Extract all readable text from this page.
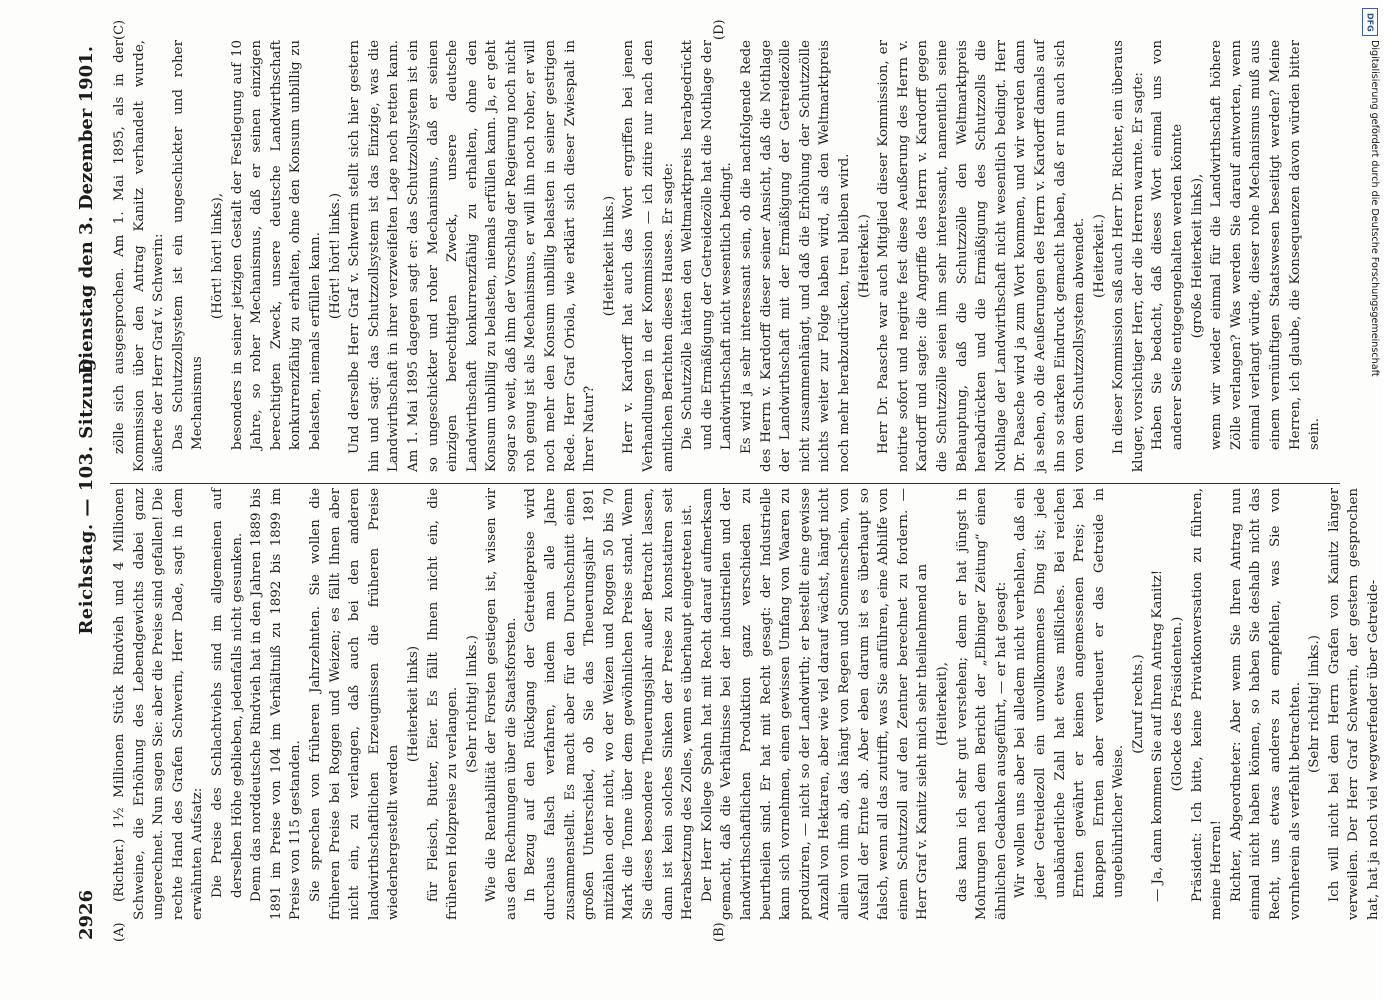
2926
Reichstag. — 103. Sitzung.
Dienstag den 3. Dezember 1901.
(A)	(B)
(C)	(D)

(Richter.) 1½ Millionen Stück Rindvieh und 4 Millionen Schweine, die Erhöhung des Lebendgewichts dabei ganz ungerechnet. Nun sagen Sie: aber die Preise sind gefallen! Die rechte Hand des Grafen Schwerin, Herr Dade, sagt in dem erwähnten Aufsatz: Die Preise des Schlachtviehs sind im allgemeinen auf derselben Höhe geblieben, jedenfalls nicht gesunken. Denn das norddeutsche Rindvieh hat in den Jahren 1889 bis 1891 im Preise von 104 im Verhältniß zu 1892 bis 1899 im Preise von 115 gestanden. Sie sprechen von früheren Jahrzehnten. Sie wollen die früheren Preise bei Roggen und Weizen; es fällt Ihnen aber nicht ein, zu verlangen, daß auch bei den anderen landwirthschaftlichen Erzeugnissen die früheren Preise wiederhergestellt werden

(Heiterkeit links) für Fleisch, Butter, Eier. Es fällt Ihnen nicht ein, die früheren Holzpreise zu verlangen. (Sehr richtig! links.) Wie die Rentabilität der Forsten gestiegen ist, wissen wir aus den Rechnungen über die Staatsforsten. In Bezug auf den Rückgang der Getreidepreise wird durchaus falsch verfahren, indem man alle Jahre zusammenstellt. Es macht aber für den Durchschnitt einen großen Unterschied, ob Sie das Theuerungsjahr 1891 mitzählen oder nicht, wo der Weizen und Roggen 50 bis 70 Mark die Tonne über dem gewöhnlichen Preise stand. Wenn Sie dieses besondere Theuerungsjahr außer Betracht lassen, dann ist kein solches Sinken der Preise zu konstatiren seit Herabsetzung des Zolles, wenn es überhaupt eingetreten ist. Der Herr Kollege Spahn hat mit Recht darauf aufmerksam gemacht, daß die Verhältnisse bei der industriellen und der landwirthschaftlichen Produktion ganz verschieden zu beurtheilen sind. Er hat mit Recht gesagt: der Industrielle kann sich vornehmen, einen gewissen Umfang von Waaren zu produziren, — nicht so der Landwirth; er bestellt eine gewisse Anzahl von Hektaren, aber wie viel darauf wächst, hängt nicht allein von ihm ab, das hängt von Regen und Sonnenschein, von Ausfall der Ernte ab. Aber eben darum ist es überhaupt so falsch, wenn all das zutrifft, was Sie anführen, eine Abhilfe von einem Schutzzoll auf den Zentner berechnet zu fordern. — Herr Graf v. Kanitz sieht mich sehr theilnehmend an (Heiterkeit), das kann ich sehr gut verstehen; denn er hat jüngst in Mohrungen nach dem Bericht der „Elbinger Zeitung“ einen ähnlichen Gedanken ausgeführt, — er hat gesagt: Wir wollen uns aber bei alledem nicht verhehlen, daß ein jeder Getreidezoll ein unvollkommenes Ding ist; jede unabänderliche Zahl hat etwas mißliches. Bei reichen Ernten gewährt er keinen angemessenen Preis; bei knappen Ernten aber vertheuert er das Getreide in ungebührlicher Weise.

(Zuruf rechts.) — Ja, dann kommen Sie auf Ihren Antrag Kanitz! (Glocke des Präsidenten.) Präsident: Ich bitte, keine Privatkonversation zu führen, meine Herren! Richter, Abgeordneter: Aber wenn Sie Ihren Antrag nun einmal nicht haben können, so haben Sie deshalb nicht das Recht, uns etwas anderes zu empfehlen, was Sie von vornherein als verfehlt betrachten. (Sehr richtig! links.) Ich will nicht bei dem Herrn Grafen von Kanitz länger verweilen. Der Herr Graf Schwerin, der gestern gesprochen hat, hat ja noch viel wegwerfender über Getreide-

zölle sich ausgesprochen. Am 1. Mai 1895, als in der Kommission über den Antrag Kanitz verhandelt wurde, äußerte der Herr Graf v. Schwerin: Das Schutzzollsystem ist ein ungeschickter und roher Mechanismus

(Hört! hört! links), besonders in seiner jetzigen Gestalt der Festlegung auf 10 Jahre, so roher Mechanismus, daß er seinen einzigen berechtigten Zweck, unsere deutsche Landwirthschaft konkurrenzfähig zu erhalten, ohne den Konsum unbillig zu belasten, niemals erfüllen kann. (Hört! hört! links.) Und derselbe Herr Graf v. Schwerin stellt sich hier gestern hin und sagt: das Schutzzollsystem ist das Einzige, was die Landwirthschaft in ihrer verzweifelten Lage noch retten kann. Am 1. Mai 1895 dagegen sagt er: das Schutzzollsystem ist ein so ungeschickter und roher Mechanismus, daß er seinen einzigen berechtigten Zweck, unsere deutsche Landwirthschaft konkurrenzfähig zu erhalten, ohne den Konsum unbillig zu belasten, niemals erfüllen kann. Ja, er geht sogar so weit, daß ihm der Vorschlag der Regierung noch nicht roh genug ist als Mechanismus, er will ihn noch roher, er will noch mehr den Konsum unbillig belasten in seiner gestrigen Rede. Herr Graf Oriola, wie erklärt sich dieser Zwiespalt in Ihrer Natur?

(Heiterkeit links.) Herr v. Kardorff hat auch das Wort ergriffen bei jenen Verhandlungen in der Kommission — ich zitire nur nach den amtlichen Berichten dieses Hauses. Er sagte: Die Schutzzölle hätten den Weltmarktpreis herabgedrückt und die Ermäßigung der Getreidezölle hat die Nothlage der Landwirthschaft nicht wesentlich bedingt. Es wird ja sehr interessant sein, ob die nachfolgende Rede des Herrn v. Kardorff dieser seiner Ansicht, daß die Nothlage der Landwirthschaft mit der Ermäßigung der Getreidezölle nicht zusammenhängt, und daß die Erhöhung der Schutzzölle nichts weiter zur Folge haben wird, als den Weltmarktpreis noch mehr herabzudrücken, treu bleiben wird. (Heiterkeit.) Herr Dr. Paasche war auch Mitglied dieser Kommission, er notirte sofort und negirte fest diese Aeußerung des Herrn v. Kardorff und sagte: die Angriffe des Herrn v. Kardorff gegen die Schutzzölle seien ihm sehr interessant, namentlich seine Behauptung, daß die Schutzzölle den Weltmarktpreis herabdrückten und die Ermäßigung des Schutzzolls die Nothlage der Landwirthschaft nicht wesentlich bedingt. Herr Dr. Paasche wird ja zum Wort kommen, und wir werden dann ja sehen, ob die Aeußerungen des Herrn v. Kardorff damals auf ihn so starken Eindruck gemacht haben, daß er nun auch sich von dem Schutzzollsystem abwendet. (Heiterkeit.) In dieser Kommission saß auch Herr Dr. Richter, ein überaus kluger, vorsichtiger Herr, der die Herren warnte. Er sagte: Haben Sie bedacht, daß dieses Wort einmal uns von anderer Seite entgegengehalten werden könnte (große Heiterkeit links), wenn wir wieder einmal für die Landwirthschaft höhere Zölle verlangen? Was werden Sie darauf antworten, wenn einmal verlangt würde, dieser rohe Mechanismus muß aus einem vernünftigen Staatswesen beseitigt werden? Meine Herren, ich glaube, die Konsequenzen davon würden bitter sein.

DFG
Digitalisierung gefördert durch die Deutsche Forschungsgemeinschaft
